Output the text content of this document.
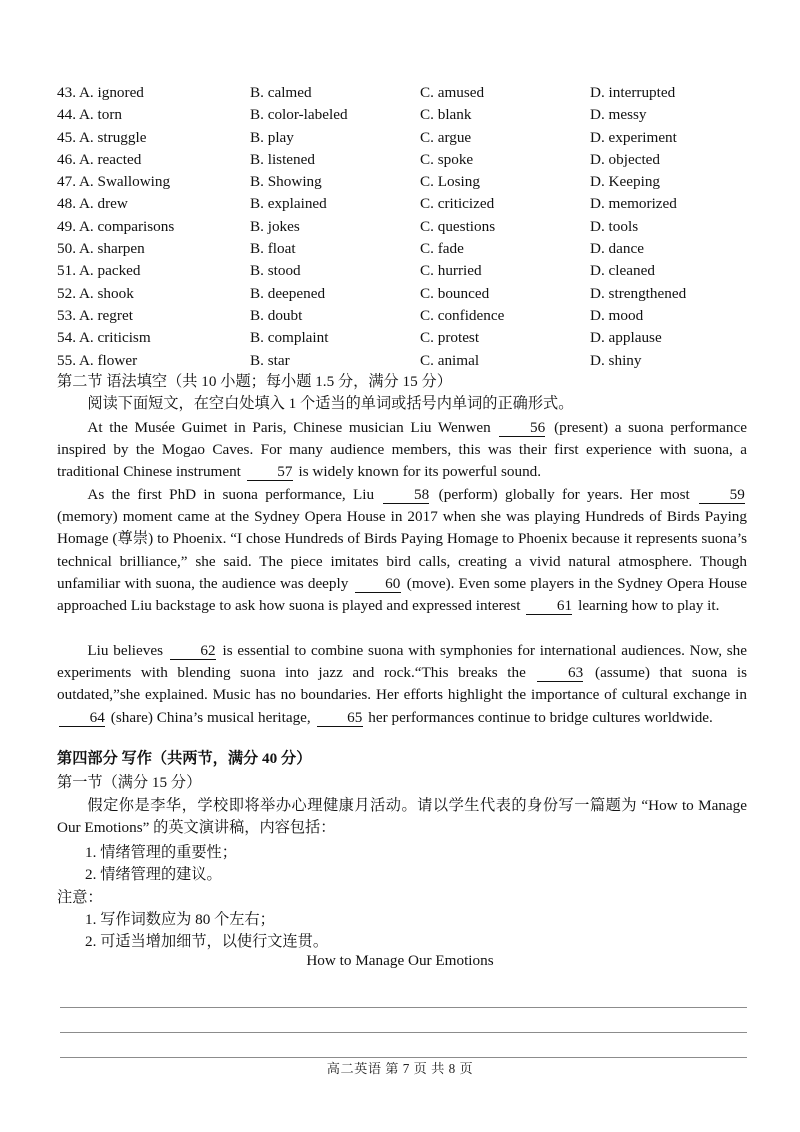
43. A. ignored	B. calmed	C. amused	D. interrupted
44. A. torn	B. color-labeled	C. blank	D. messy
45. A. struggle	B. play	C. argue	D. experiment
46. A. reacted	B. listened	C. spoke	D. objected
47. A. Swallowing	B. Showing	C. Losing	D. Keeping
48. A. drew	B. explained	C. criticized	D. memorized
49. A. comparisons	B. jokes	C. questions	D. tools
50. A. sharpen	B. float	C. fade	D. dance
51. A. packed	B. stood	C. hurried	D. cleaned
52. A. shook	B. deepened	C. bounced	D. strengthened
53. A. regret	B. doubt	C. confidence	D. mood
54. A. criticism	B. complaint	C. protest	D. applause
55. A. flower	B. star	C. animal	D. shiny
第二节 语法填空（共 10 小题；每小题 1.5 分，满分 15 分）
阅读下面短文，在空白处填入 1 个适当的单词或括号内单词的正确形式。
At the Musée Guimet in Paris, Chinese musician Liu Wenwen	56 (present) a suona performance inspired by the Mogao Caves. For many audience members, this was their first experience with suona, a traditional Chinese instrument 57 is widely known for its powerful sound.
As the first PhD in suona performance, Liu	58 (perform) globally for years. Her most	59 (memory) moment came at the Sydney Opera House in 2017 when she was playing Hundreds of Birds Paying Homage (尊崇) to Phoenix. “I chose Hundreds of Birds Paying Homage to Phoenix because it represents suona’s technical brilliance,” she said. The piece imitates bird calls, creating a vivid natural atmosphere. Though unfamiliar with suona, the audience was deeply 60 (move). Even some players in the Sydney Opera House approached Liu backstage to ask how suona is played and expressed interest 61 learning how to play it.
Liu believes 62 is essential to combine suona with symphonies for international audiences. Now, she experiments with blending suona into jazz and rock.“This breaks the	63 (assume) that suona is outdated,”she explained. Music has no boundaries. Her efforts highlight the importance of cultural exchange in 64 (share) China’s musical heritage, 65 her performances continue to bridge cultures worldwide.
第四部分 写作（共两节，满分 40 分）
第一节（满分 15 分）
假定你是李华，学校即将举办心理健康月活动。请以学生代表的身份写一篇题为 “How to Manage Our Emotions” 的英文演讲稿，内容包括：
1. 情绪管理的重要性；
2. 情绪管理的建议。
注意：
1. 写作词数应为 80 个左右；
2. 可适当增加细节，以使行文连贯。
How to Manage Our Emotions
高二英语 第 7 页 共 8 页
